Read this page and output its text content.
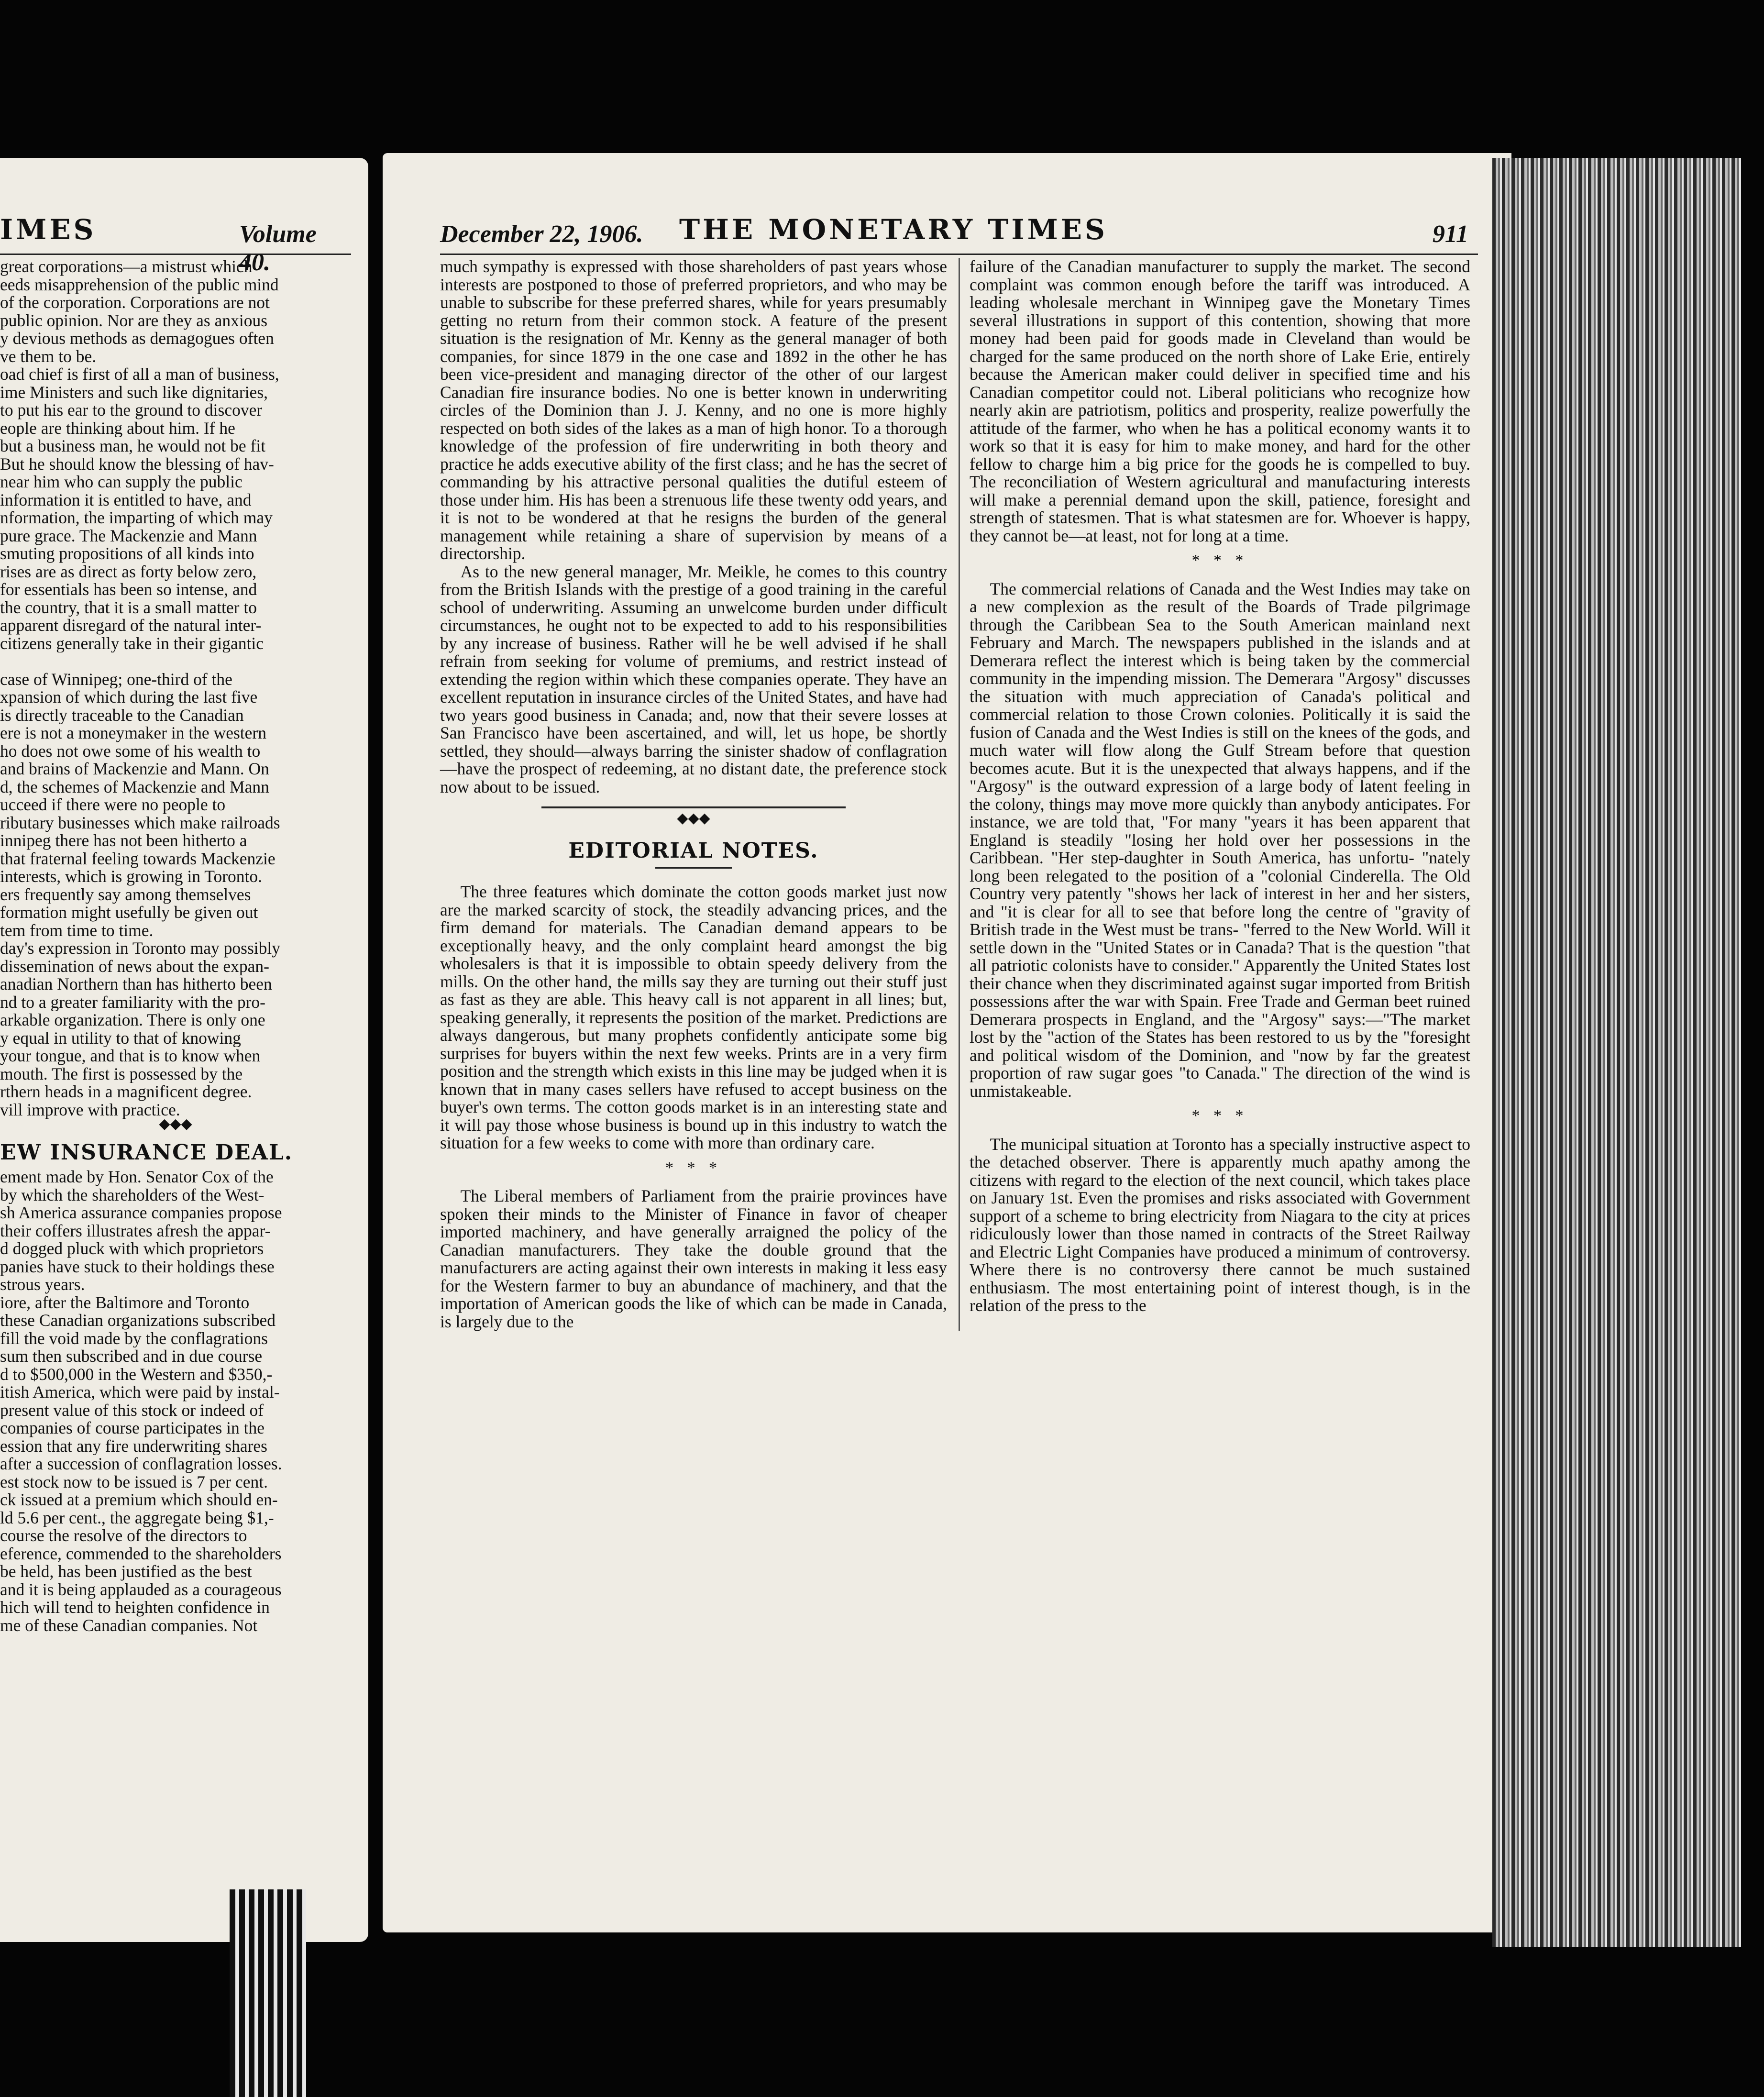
IMES	Volume 40.

great corporations—a mistrust which

eeds misapprehension of the public mind

of the corporation. Corporations are not

public opinion. Nor are they as anxious

y devious methods as demagogues often

ve them to be.

oad chief is first of all a man of business,

ime Ministers and such like dignitaries,

to put his ear to the ground to discover

eople are thinking about him. If he

but a business man, he would not be fit

But he should know the blessing of hav-

near him who can supply the public

information it is entitled to have, and

nformation, the imparting of which may

pure grace. The Mackenzie and Mann

smuting propositions of all kinds into

rises are as direct as forty below zero,

for essentials has been so intense, and

the country, that it is a small matter to

apparent disregard of the natural inter-

citizens generally take in their gigantic

case of Winnipeg; one-third of the

xpansion of which during the last five

is directly traceable to the Canadian

ere is not a moneymaker in the western

ho does not owe some of his wealth to

and brains of Mackenzie and Mann. On

d, the schemes of Mackenzie and Mann

ucceed if there were no people to

ributary businesses which make railroads

innipeg there has not been hitherto a

that fraternal feeling towards Mackenzie

interests, which is growing in Toronto.

ers frequently say among themselves

formation might usefully be given out

tem from time to time.

day's expression in Toronto may possibly

dissemination of news about the expan-

anadian Northern than has hitherto been

nd to a greater familiarity with the pro-

arkable organization. There is only one

y equal in utility to that of knowing

your tongue, and that is to know when

mouth. The first is possessed by the

rthern heads in a magnificent degree.

vill improve with practice.

◆◆◆
EW INSURANCE DEAL.

ement made by Hon. Senator Cox of the

by which the shareholders of the West-

sh America assurance companies propose

their coffers illustrates afresh the appar-

d dogged pluck with which proprietors

panies have stuck to their holdings these

strous years.

iore, after the Baltimore and Toronto

these Canadian organizations subscribed

fill the void made by the conflagrations

sum then subscribed and in due course

d to $500,000 in the Western and $350,-

itish America, which were paid by instal-

present value of this stock or indeed of

companies of course participates in the

ession that any fire underwriting shares

after a succession of conflagration losses.

est stock now to be issued is 7 per cent.

ck issued at a premium which should en-

ld 5.6 per cent., the aggregate being $1,-

course the resolve of the directors to

eference, commended to the shareholders

be held, has been justified as the best

and it is being applauded as a courageous

hich will tend to heighten confidence in

me of these Canadian companies. Not

December 22, 1906. THE MONETARY TIMES	911

much sympathy is expressed with those shareholders of past years whose interests are postponed to those of preferred proprietors, and who may be unable to subscribe for these preferred shares, while for years presumably getting no return from their common stock. A feature of the present situation is the resignation of Mr. Kenny as the general manager of both companies, for since 1879 in the one case and 1892 in the other he has been vice-president and managing director of the other of our largest Canadian fire insurance bodies. No one is better known in underwriting circles of the Dominion than J. J. Kenny, and no one is more highly respected on both sides of the lakes as a man of high honor. To a thorough knowledge of the profession of fire underwriting in both theory and practice he adds executive ability of the first class; and he has the secret of commanding by his attractive personal qualities the dutiful esteem of those under him. His has been a strenuous life these twenty odd years, and it is not to be wondered at that he resigns the burden of the general management while retaining a share of supervision by means of a directorship.

As to the new general manager, Mr. Meikle, he comes to this country from the British Islands with the prestige of a good training in the careful school of underwriting. Assuming an unwelcome burden under difficult circumstances, he ought not to be expected to add to his responsibilities by any increase of business. Rather will he be well advised if he shall refrain from seeking for volume of premiums, and restrict instead of extending the region within which these companies operate. They have an excellent reputation in insurance circles of the United States, and have had two years good business in Canada; and, now that their severe losses at San Francisco have been ascertained, and will, let us hope, be shortly settled, they should—always barring the sinister shadow of conflagration—have the prospect of redeeming, at no distant date, the preference stock now about to be issued.

◆◆◆
EDITORIAL NOTES.

The three features which dominate the cotton goods market just now are the marked scarcity of stock, the steadily advancing prices, and the firm demand for materials. The Canadian demand appears to be exceptionally heavy, and the only complaint heard amongst the big wholesalers is that it is impossible to obtain speedy delivery from the mills. On the other hand, the mills say they are turning out their stuff just as fast as they are able. This heavy call is not apparent in all lines; but, speaking generally, it represents the position of the market. Predictions are always dangerous, but many prophets confidently anticipate some big surprises for buyers within the next few weeks. Prints are in a very firm position and the strength which exists in this line may be judged when it is known that in many cases sellers have refused to accept business on the buyer's own terms. The cotton goods market is in an interesting state and it will pay those whose business is bound up in this industry to watch the situation for a few weeks to come with more than ordinary care.

* * *

The Liberal members of Parliament from the prairie provinces have spoken their minds to the Minister of Finance in favor of cheaper imported machinery, and have generally arraigned the policy of the Canadian manufacturers. They take the double ground that the manufacturers are acting against their own interests in making it less easy for the Western farmer to buy an abundance of machinery, and that the importation of American goods the like of which can be made in Canada, is largely due to the

failure of the Canadian manufacturer to supply the market. The second complaint was common enough before the tariff was introduced. A leading wholesale merchant in Winnipeg gave the Monetary Times several illustrations in support of this contention, showing that more money had been paid for goods made in Cleveland than would be charged for the same produced on the north shore of Lake Erie, entirely because the American maker could deliver in specified time and his Canadian competitor could not. Liberal politicians who recognize how nearly akin are patriotism, politics and prosperity, realize powerfully the attitude of the farmer, who when he has a political economy wants it to work so that it is easy for him to make money, and hard for the other fellow to charge him a big price for the goods he is compelled to buy. The reconciliation of Western agricultural and manufacturing interests will make a perennial demand upon the skill, patience, foresight and strength of statesmen. That is what statesmen are for. Whoever is happy, they cannot be—at least, not for long at a time.

* * *

The commercial relations of Canada and the West Indies may take on a new complexion as the result of the Boards of Trade pilgrimage through the Caribbean Sea to the South American mainland next February and March. The newspapers published in the islands and at Demerara reflect the interest which is being taken by the commercial community in the impending mission. The Demerara "Argosy" discusses the situation with much appreciation of Canada's political and commercial relation to those Crown colonies. Politically it is said the fusion of Canada and the West Indies is still on the knees of the gods, and much water will flow along the Gulf Stream before that question becomes acute. But it is the unexpected that always happens, and if the "Argosy" is the outward expression of a large body of latent feeling in the colony, things may move more quickly than anybody anticipates. For instance, we are told that, "For many "years it has been apparent that England is steadily "losing her hold over her possessions in the Caribbean. "Her step-daughter in South America, has unfortu- "nately long been relegated to the position of a "colonial Cinderella. The Old Country very patently "shows her lack of interest in her and her sisters, and "it is clear for all to see that before long the centre of "gravity of British trade in the West must be trans- "ferred to the New World. Will it settle down in the "United States or in Canada? That is the question "that all patriotic colonists have to consider." Apparently the United States lost their chance when they discriminated against sugar imported from British possessions after the war with Spain. Free Trade and German beet ruined Demerara prospects in England, and the "Argosy" says:—"The market lost by the "action of the States has been restored to us by the "foresight and political wisdom of the Dominion, and "now by far the greatest proportion of raw sugar goes "to Canada." The direction of the wind is unmistakeable.

* * *

The municipal situation at Toronto has a specially instructive aspect to the detached observer. There is apparently much apathy among the citizens with regard to the election of the next council, which takes place on January 1st. Even the promises and risks associated with Government support of a scheme to bring electricity from Niagara to the city at prices ridiculously lower than those named in contracts of the Street Railway and Electric Light Companies have produced a minimum of controversy. Where there is no controversy there cannot be much sustained enthusiasm. The most entertaining point of interest though, is in the relation of the press to the
